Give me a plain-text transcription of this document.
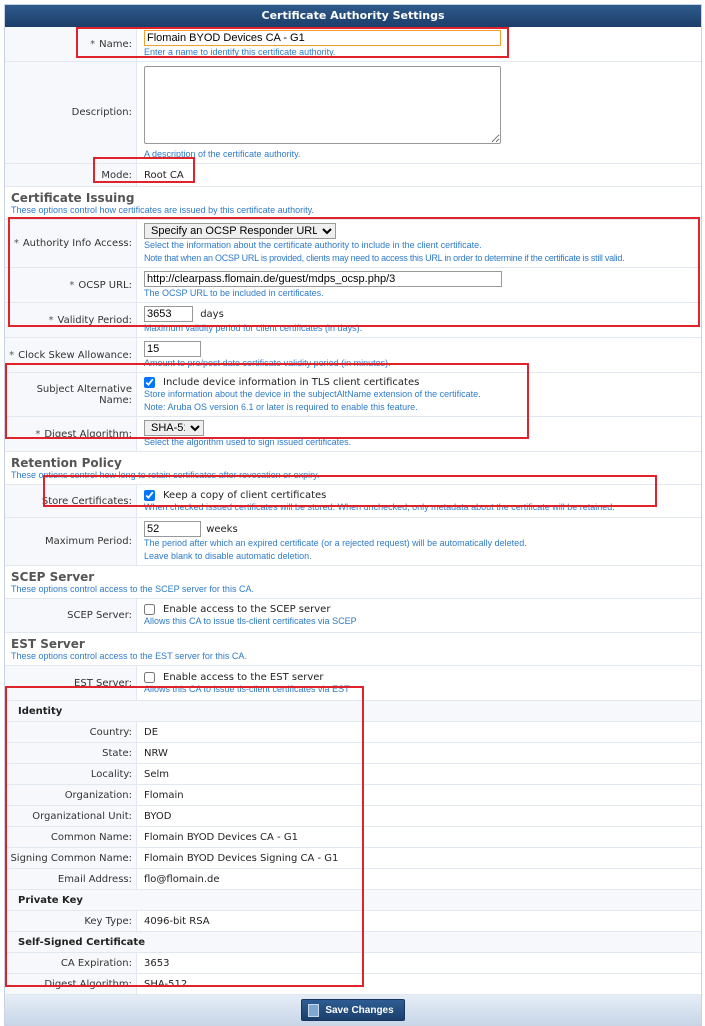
Certificate Authority Settings
* Name:
Flomain BYOD Devices CA - G1
Enter a name to identify this certificate authority.
Description:
A description of the certificate authority.
Mode: Root CA
Certificate Issuing
These options control how certificates are issued by this certificate authority.
* Authority Info Access:
Specify an OCSP Responder URL Select the information about the certificate authority to include in the client certificate.
Note that when an OCSP URL is provided, clients may need to access this URL in order to determine if the certificate is still valid.
* OCSP URL:
http://clearpass.flomain.de/guest/mdps_ocsp.php/3
The OCSP URL to be included in certificates.
* Validity Period:
3653	days
Maximum validity period for client certificates (in days).
* Clock Skew Allowance:
15
Amount to pre/post date certificate validity period (in minutes).
Subject Alternative Name:
Include device information in TLS client certificates
Store information about the device in the subjectAltName extension of the certificate.
Note: Aruba OS version 6.1 or later is required to enable this feature.
* Digest Algorithm:
SHA-512
Select the algorithm used to sign issued certificates.
Retention Policy
These options control how long to retain certificates after revocation or expiry.
Store Certificates:
Keep a copy of client certificates
When checked issued certificates will be stored. When unchecked, only metadata about the certificate will be retained.
Maximum Period:
52 weeks
The period after which an expired certificate (or a rejected request) will be automatically deleted.
Leave blank to disable automatic deletion.
SCEP Server
These options control access to the SCEP server for this CA.
SCEP Server:
Enable access to the SCEP server
Allows this CA to issue tls-client certificates via SCEP
EST Server
These options control access to the EST server for this CA.
EST Server:
Enable access to the EST server
Allows this CA to issue tls-client certificates via EST
Identity
Country: DE
State: NRW
Locality: Selm
Organization: Flomain
Organizational Unit: BYOD
Common Name: Flomain BYOD Devices CA - G1
Signing Common Name: Flomain BYOD Devices Signing CA - G1
Email Address: flo@flomain.de
Private Key
Key Type: 4096-bit RSA
Self-Signed Certificate
CA Expiration: 3653
Digest Algorithm: SHA-512
Save Changes
